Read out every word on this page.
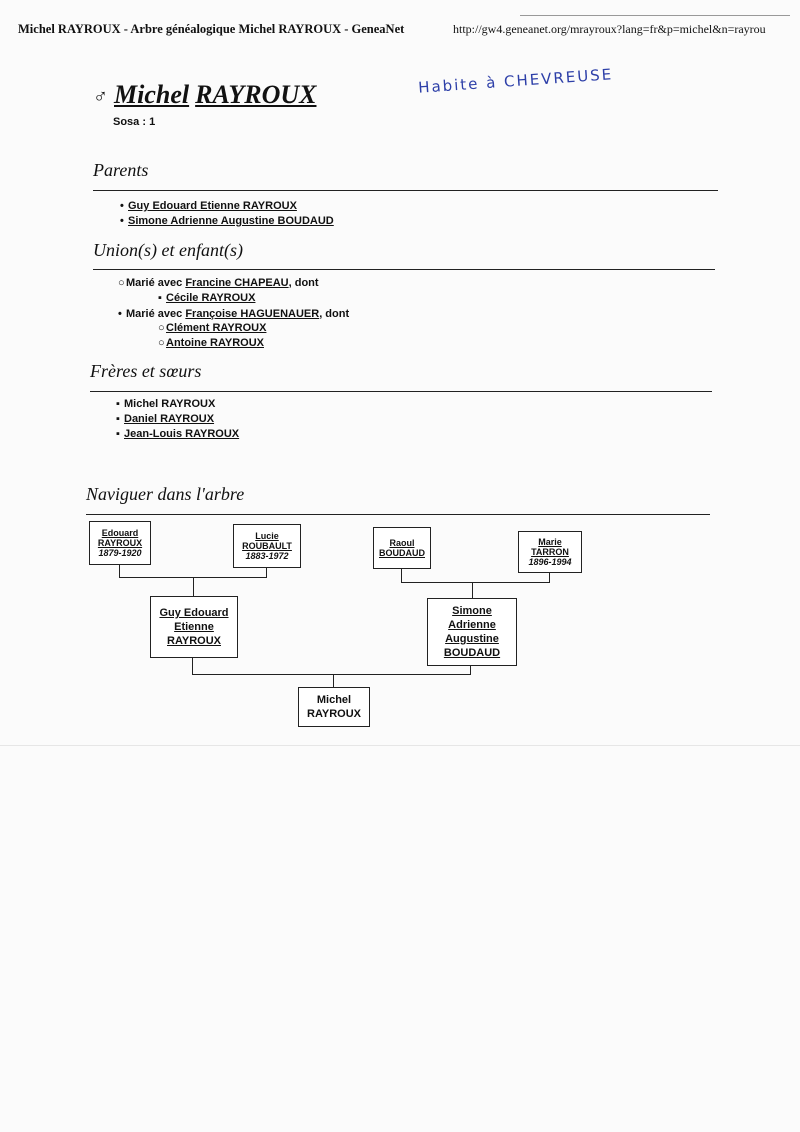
Michel RAYROUX - Arbre généalogique Michel RAYROUX - GeneaNet	http://gw4.geneanet.org/mrayroux?lang=fr&p=michel&n=rayrou
♂ Michel RAYROUX
Sosa : 1
Habite à CHEVREUSE
Parents
• Guy Edouard Etienne RAYROUX
• Simone Adrienne Augustine BOUDAUD
Union(s) et enfant(s)
○Marié avec Francine CHAPEAU, dont
▪ Cécile RAYROUX
• Marié avec Françoise HAGUENAUER, dont
○Clément RAYROUX
○Antoine RAYROUX
Frères et sœurs
▪ Michel RAYROUX
▪ Daniel RAYROUX
▪ Jean-Louis RAYROUX
Naviguer dans l'arbre
Edouard
RAYROUX
1879-1920
Lucie
ROUBAULT
1883-1972
Raoul
BOUDAUD
Marie
TARRON
1896-1994
Guy Edouard
Etienne
RAYROUX
Simone
Adrienne
Augustine
BOUDAUD
Michel
RAYROUX
